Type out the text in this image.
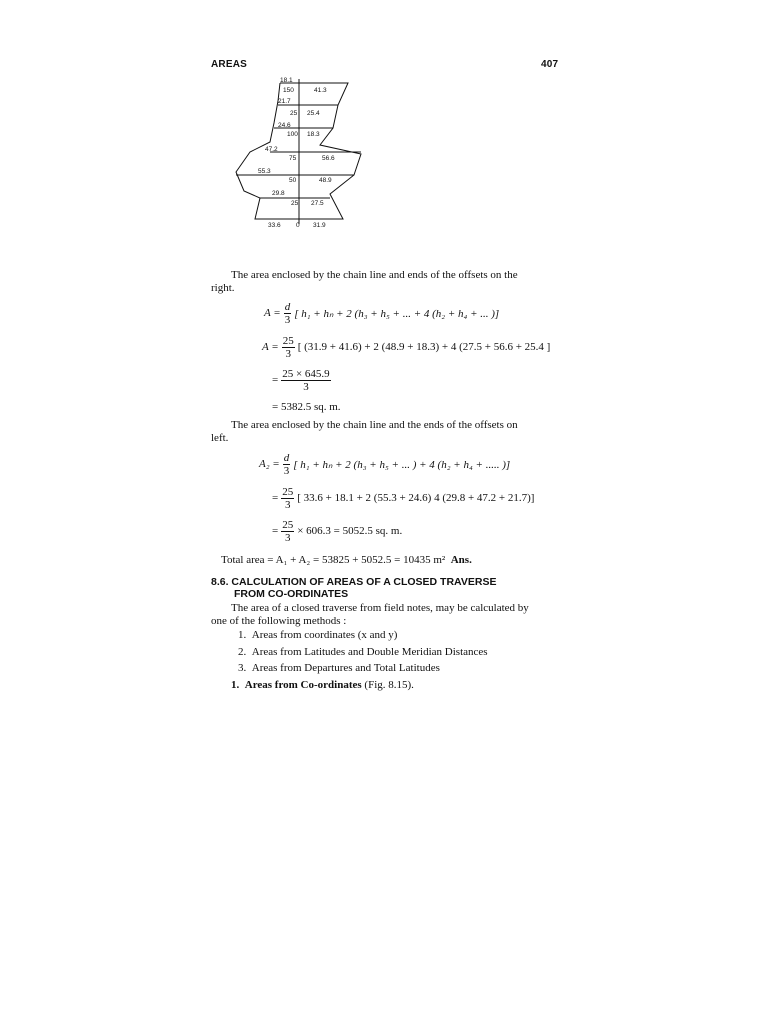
AREAS	407
18.1
150	41.3
21.7
25 25.4
24.6
100 18.3
47.2
75	56.6
55.3
50	48.9
29.8
25 27.5
33.6 0 31.9
The area enclosed by the chain line and ends of the offsets on the
right.
$A = \frac{d}{3}$ [ h₁ + hₙ + 2 (h₃ + h₅ + ... + 4 (h₂ + h₄ + ... )]
$A = \frac{25}{3}$ [ (31.9 + 41.6) + 2 (48.9 + 18.3) + 4 (27.5 + 56.6 + 25.4 ]
= $\frac{25 \times 645.9}{3}$
= 5382.5 sq. m.
The area enclosed by the chain line and the ends of the offsets on
left.
$A_2 = \frac{d}{3}$ [ h₁ + hₙ + 2 (h₃ + h₅ + ... ) + 4 (h₂ + h₄ + ..... )]
= $\frac{25}{3}$ [ 33.6 + 18.1 + 2 (55.3 + 24.6) 4 (29.8 + 47.2 + 21.7)]
= $\frac{25}{3} \times 606.3 = 5052.5$ sq. m.
Total area = A₁ + A₂ = 53825 + 5052.5 = 10435 m² Ans.
8.6. CALCULATION OF AREAS OF A CLOSED TRAVERSE
FROM CO-ORDINATES
The area of a closed traverse from field notes, may be calculated by
one of the following methods :
1. Areas from coordinates (x and y)
2. Areas from Latitudes and Double Meridian Distances
3. Areas from Departures and Total Latitudes
1. Areas from Co-ordinates (Fig. 8.15).
